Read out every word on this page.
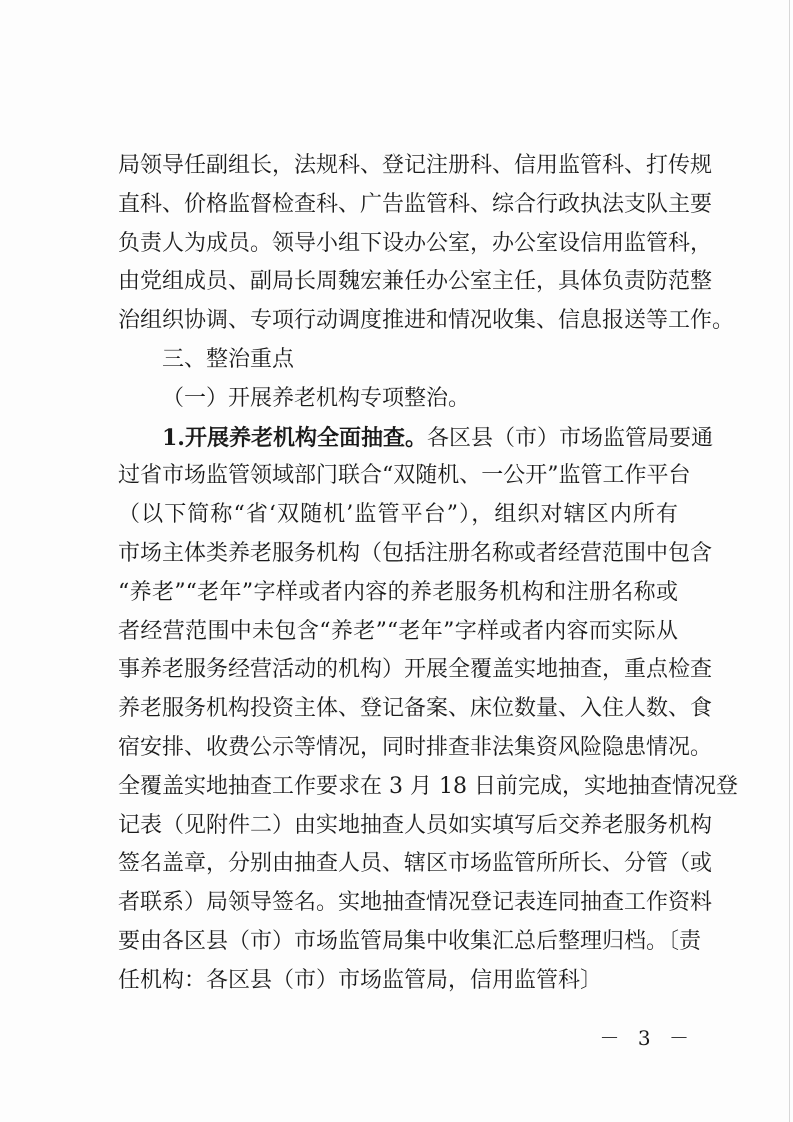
局领导任副组长，法规科、登记注册科、信用监管科、打传规
直科、价格监督检查科、广告监管科、综合行政执法支队主要
负责人为成员。领导小组下设办公室，办公室设信用监管科，
由党组成员、副局长周魏宏兼任办公室主任，具体负责防范整
治组织协调、专项行动调度推进和情况收集、信息报送等工作。
三、整治重点
（一）开展养老机构专项整治。
1.开展养老机构全面抽查。各区县（市）市场监管局要通
过省市场监管领域部门联合“双随机、一公开”监管工作平台
（以下简称“省‘双随机’监管平台”），组织对辖区内所有
市场主体类养老服务机构（包括注册名称或者经营范围中包含
“养老”“老年”字样或者内容的养老服务机构和注册名称或
者经营范围中未包含“养老”“老年”字样或者内容而实际从
事养老服务经营活动的机构）开展全覆盖实地抽查，重点检查
养老服务机构投资主体、登记备案、床位数量、入住人数、食
宿安排、收费公示等情况，同时排查非法集资风险隐患情况。
全覆盖实地抽查工作要求在 3 月 18 日前完成，实地抽查情况登
记表（见附件二）由实地抽查人员如实填写后交养老服务机构
签名盖章，分别由抽查人员、辖区市场监管所所长、分管（或
者联系）局领导签名。实地抽查情况登记表连同抽查工作资料
要由各区县（市）市场监管局集中收集汇总后整理归档。〔责
任机构：各区县（市）市场监管局，信用监管科〕
－ 3 －
